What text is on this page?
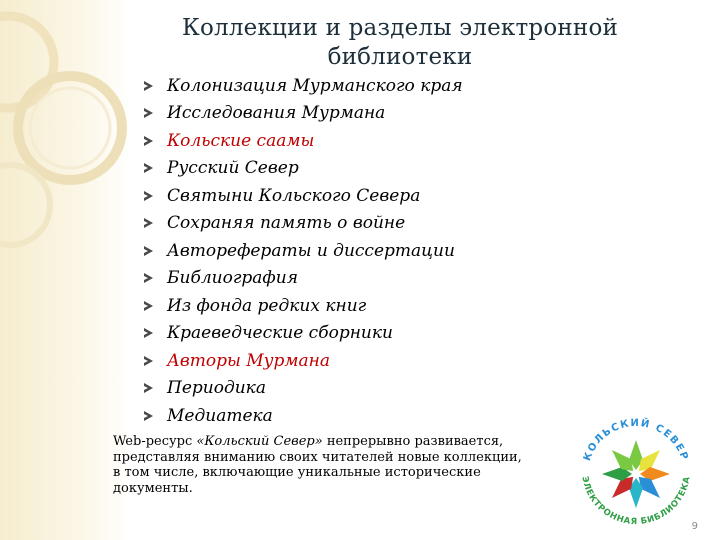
Коллекции и разделы электронной
библиотеки
Колонизация Мурманского края
Исследования Мурмана
Кольские саамы
Русский Север
Святыни Кольского Севера
Сохраняя память о войне
Авторефераты и диссертации
Библиография
Из фонда редких книг
Краеведческие сборники
Авторы Мурмана
Периодика
Медиатека
Web-ресурс «Кольский Север» непрерывно развивается,
представляя вниманию своих читателей новые коллекции,
в том числе, включающие уникальные исторические
документы.
КОЛЬСКИЙ СЕВЕР
ЭЛЕКТРОННАЯ БИБЛИОТЕКА
9
